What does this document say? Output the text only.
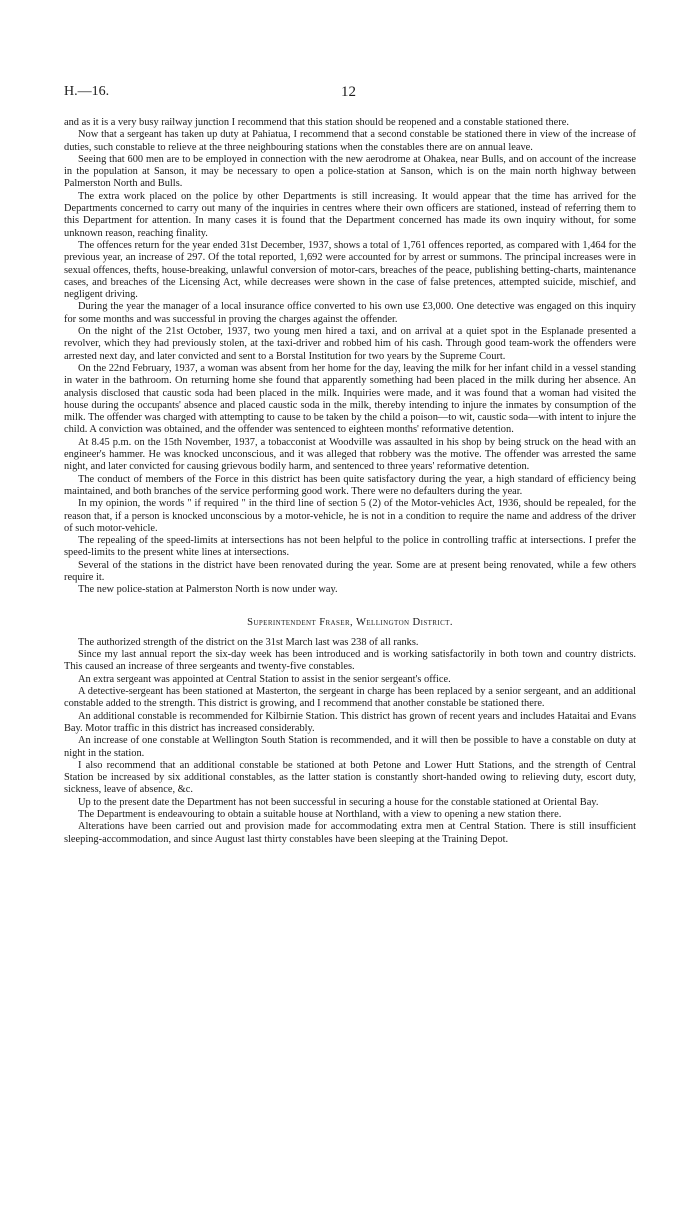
H.—16.	12

and as it is a very busy railway junction I recommend that this station should be reopened and a constable stationed there.

Now that a sergeant has taken up duty at Pahiatua, I recommend that a second constable be stationed there in view of the increase of duties, such constable to relieve at the three neighbouring stations when the constables there are on annual leave.

Seeing that 600 men are to be employed in connection with the new aerodrome at Ohakea, near Bulls, and on account of the increase in the population at Sanson, it may be necessary to open a police-station at Sanson, which is on the main north highway between Palmerston North and Bulls.

The extra work placed on the police by other Departments is still increasing. It would appear that the time has arrived for the Departments concerned to carry out many of the inquiries in centres where their own officers are stationed, instead of referring them to this Department for attention. In many cases it is found that the Department concerned has made its own inquiry without, for some unknown reason, reaching finality.

The offences return for the year ended 31st December, 1937, shows a total of 1,761 offences reported, as compared with 1,464 for the previous year, an increase of 297. Of the total reported, 1,692 were accounted for by arrest or summons. The principal increases were in sexual offences, thefts, house-breaking, unlawful conversion of motor-cars, breaches of the peace, publishing betting-charts, maintenance cases, and breaches of the Licensing Act, while decreases were shown in the case of false pretences, attempted suicide, mischief, and negligent driving.

During the year the manager of a local insurance office converted to his own use £3,000. One detective was engaged on this inquiry for some months and was successful in proving the charges against the offender.

On the night of the 21st October, 1937, two young men hired a taxi, and on arrival at a quiet spot in the Esplanade presented a revolver, which they had previously stolen, at the taxi-driver and robbed him of his cash. Through good team-work the offenders were arrested next day, and later convicted and sent to a Borstal Institution for two years by the Supreme Court.

On the 22nd February, 1937, a woman was absent from her home for the day, leaving the milk for her infant child in a vessel standing in water in the bathroom. On returning home she found that apparently something had been placed in the milk during her absence. An analysis disclosed that caustic soda had been placed in the milk. Inquiries were made, and it was found that a woman had visited the house during the occupants' absence and placed caustic soda in the milk, thereby intending to injure the inmates by consumption of the milk. The offender was charged with attempting to cause to be taken by the child a poison—to wit, caustic soda—with intent to injure the child. A conviction was obtained, and the offender was sentenced to eighteen months' reformative detention.

At 8.45 p.m. on the 15th November, 1937, a tobacconist at Woodville was assaulted in his shop by being struck on the head with an engineer's hammer. He was knocked unconscious, and it was alleged that robbery was the motive. The offender was arrested the same night, and later convicted for causing grievous bodily harm, and sentenced to three years' reformative detention.

The conduct of members of the Force in this district has been quite satisfactory during the year, a high standard of efficiency being maintained, and both branches of the service performing good work. There were no defaulters during the year.

In my opinion, the words " if required " in the third line of section 5 (2) of the Motor-vehicles Act, 1936, should be repealed, for the reason that, if a person is knocked unconscious by a motor-vehicle, he is not in a condition to require the name and address of the driver of such motor-vehicle.

The repealing of the speed-limits at intersections has not been helpful to the police in controlling traffic at intersections. I prefer the speed-limits to the present white lines at intersections.

Several of the stations in the district have been renovated during the year. Some are at present being renovated, while a few others require it.

The new police-station at Palmerston North is now under way.

Superintendent Fraser, Wellington District.

The authorized strength of the district on the 31st March last was 238 of all ranks.

Since my last annual report the six-day week has been introduced and is working satisfactorily in both town and country districts. This caused an increase of three sergeants and twenty-five constables.

An extra sergeant was appointed at Central Station to assist in the senior sergeant's office.

A detective-sergeant has been stationed at Masterton, the sergeant in charge has been replaced by a senior sergeant, and an additional constable added to the strength. This district is growing, and I recommend that another constable be stationed there.

An additional constable is recommended for Kilbirnie Station. This district has grown of recent years and includes Hataitai and Evans Bay. Motor traffic in this district has increased considerably.

An increase of one constable at Wellington South Station is recommended, and it will then be possible to have a constable on duty at night in the station.

I also recommend that an additional constable be stationed at both Petone and Lower Hutt Stations, and the strength of Central Station be increased by six additional constables, as the latter station is constantly short-handed owing to relieving duty, escort duty, sickness, leave of absence, &c.

Up to the present date the Department has not been successful in securing a house for the constable stationed at Oriental Bay.

The Department is endeavouring to obtain a suitable house at Northland, with a view to opening a new station there.

Alterations have been carried out and provision made for accommodating extra men at Central Station. There is still insufficient sleeping-accommodation, and since August last thirty constables have been sleeping at the Training Depot.
